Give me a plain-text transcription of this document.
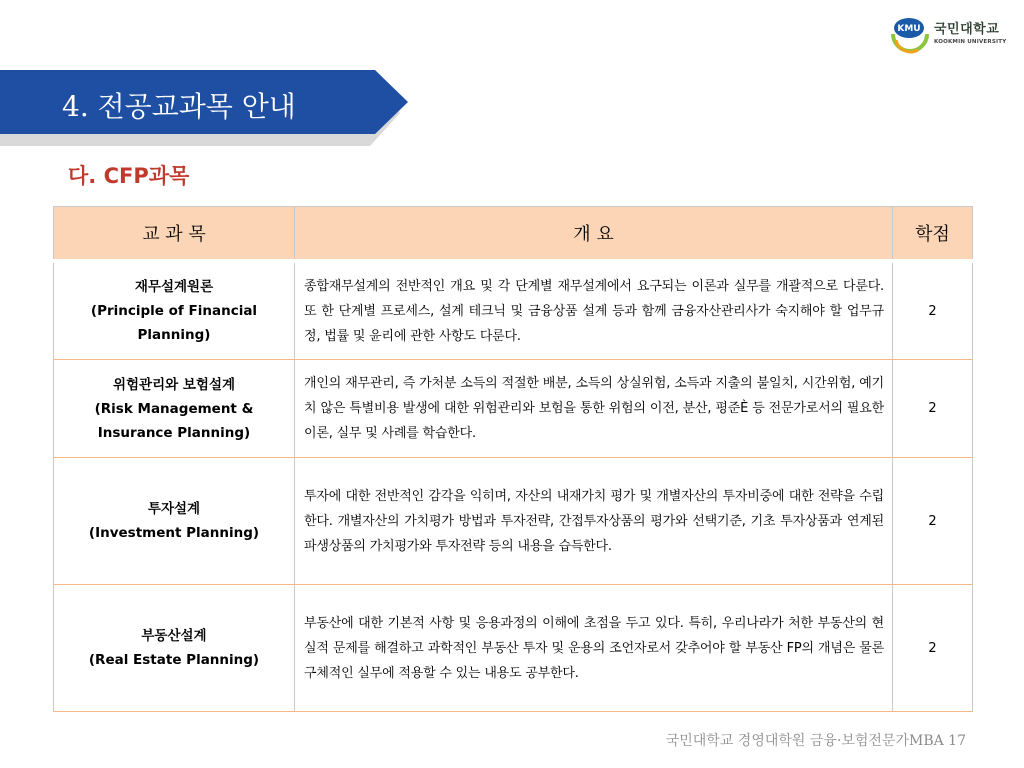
KMU 국민대학교
KOOKMIN UNIVERSITY
4. 전공교과목 안내
다. CFP과목
교 과 목	개 요	학점

재무설계원론
(Principle of Financial Planning)	종합재무설계의 전반적인 개요 및 각 단계별 재무설계에서 요구되는 이론과 실무를 개괄적으로 다룬다. 또 한 단계별 프로세스, 설계 테크닉 및 금융상품 설계 등과 함께 금융자산관리사가 숙지해야 할 업무규정, 법률 및 윤리에 관한 사항도 다룬다.	2

위험관리와 보험설계
(Risk Management & Insurance Planning)	개인의 재무관리, 즉 가처분 소득의 적절한 배분, 소득의 상실위험, 소득과 지출의 불일치, 시간위험, 예기치 않은 특별비용 발생에 대한 위험관리와 보험을 통한 위험의 이전, 분산, 평준È 등 전문가로서의 필요한 이론, 실무 및 사례를 학습한다.	2

투자설계
(Investment Planning)	투자에 대한 전반적인 감각을 익히며, 자산의 내재가치 평가 및 개별자산의 투자비중에 대한 전략을 수립한다. 개별자산의 가치평가 방법과 투자전략, 간접투자상품의 평가와 선택기준, 기초 투자상품과 연계된 파생상품의 가치평가와 투자전략 등의 내용을 습득한다.	2

부동산설계
(Real Estate Planning)	부동산에 대한 기본적 사항 및 응용과정의 이해에 초점을 두고 있다. 특히, 우리나라가 처한 부동산의 현실적 문제를 해결하고 과학적인 부동산 투자 및 운용의 조언자로서 갖추어야 할 부동산 FP의 개념은 물론 구체적인 실무에 적용할 수 있는 내용도 공부한다.	2
국민대학교 경영대학원 금융·보험전문가MBA 17
